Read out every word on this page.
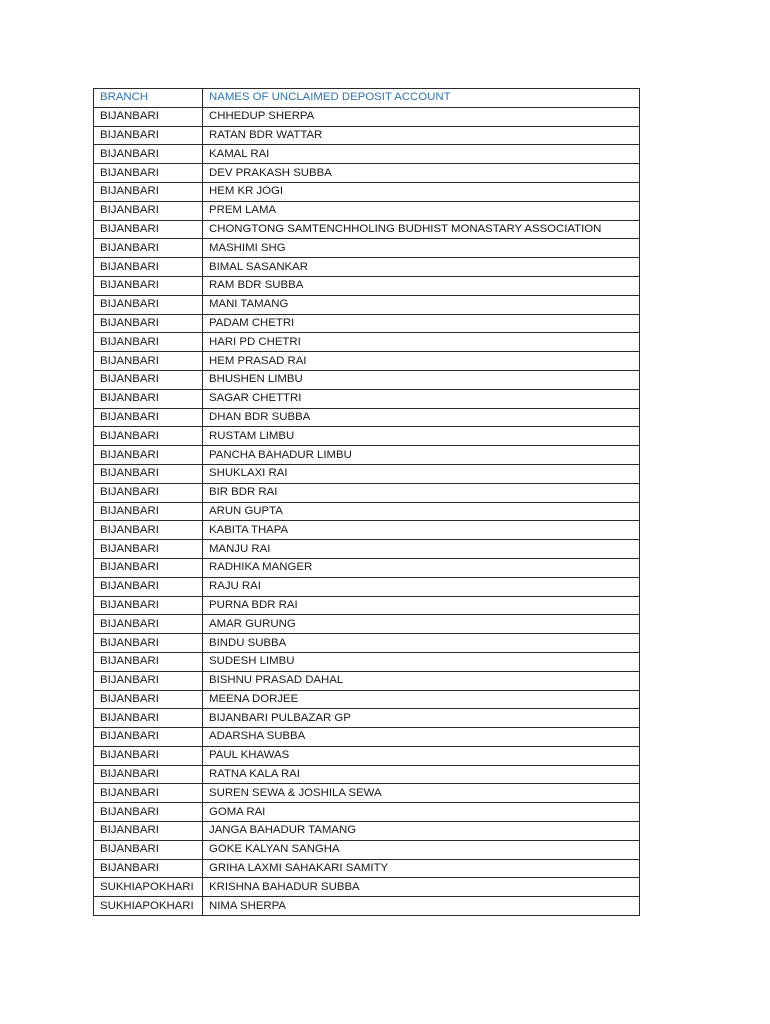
BRANCH	NAMES OF UNCLAIMED DEPOSIT ACCOUNT
BIJANBARI	CHHEDUP SHERPA
BIJANBARI	RATAN BDR WATTAR
BIJANBARI	KAMAL RAI
BIJANBARI	DEV PRAKASH SUBBA
BIJANBARI	HEM KR JOGI
BIJANBARI	PREM LAMA
BIJANBARI	CHONGTONG SAMTENCHHOLING BUDHIST MONASTARY ASSOCIATION
BIJANBARI	MASHIMI SHG
BIJANBARI	BIMAL SASANKAR
BIJANBARI	RAM BDR SUBBA
BIJANBARI	MANI TAMANG
BIJANBARI	PADAM CHETRI
BIJANBARI	HARI PD CHETRI
BIJANBARI	HEM PRASAD RAI
BIJANBARI	BHUSHEN LIMBU
BIJANBARI	SAGAR CHETTRI
BIJANBARI	DHAN BDR SUBBA
BIJANBARI	RUSTAM LIMBU
BIJANBARI	PANCHA BAHADUR LIMBU
BIJANBARI	SHUKLAXI RAI
BIJANBARI	BIR BDR RAI
BIJANBARI	ARUN GUPTA
BIJANBARI	KABITA THAPA
BIJANBARI	MANJU RAI
BIJANBARI	RADHIKA MANGER
BIJANBARI	RAJU RAI
BIJANBARI	PURNA BDR RAI
BIJANBARI	AMAR GURUNG
BIJANBARI	BINDU SUBBA
BIJANBARI	SUDESH LIMBU
BIJANBARI	BISHNU PRASAD DAHAL
BIJANBARI	MEENA DORJEE
BIJANBARI	BIJANBARI PULBAZAR GP
BIJANBARI	ADARSHA SUBBA
BIJANBARI	PAUL KHAWAS
BIJANBARI	RATNA KALA RAI
BIJANBARI	SUREN SEWA & JOSHILA SEWA
BIJANBARI	GOMA RAI
BIJANBARI	JANGA BAHADUR TAMANG
BIJANBARI	GOKE KALYAN SANGHA
BIJANBARI	GRIHA LAXMI SAHAKARI SAMITY
SUKHIAPOKHARI	KRISHNA BAHADUR SUBBA
SUKHIAPOKHARI	NIMA SHERPA
